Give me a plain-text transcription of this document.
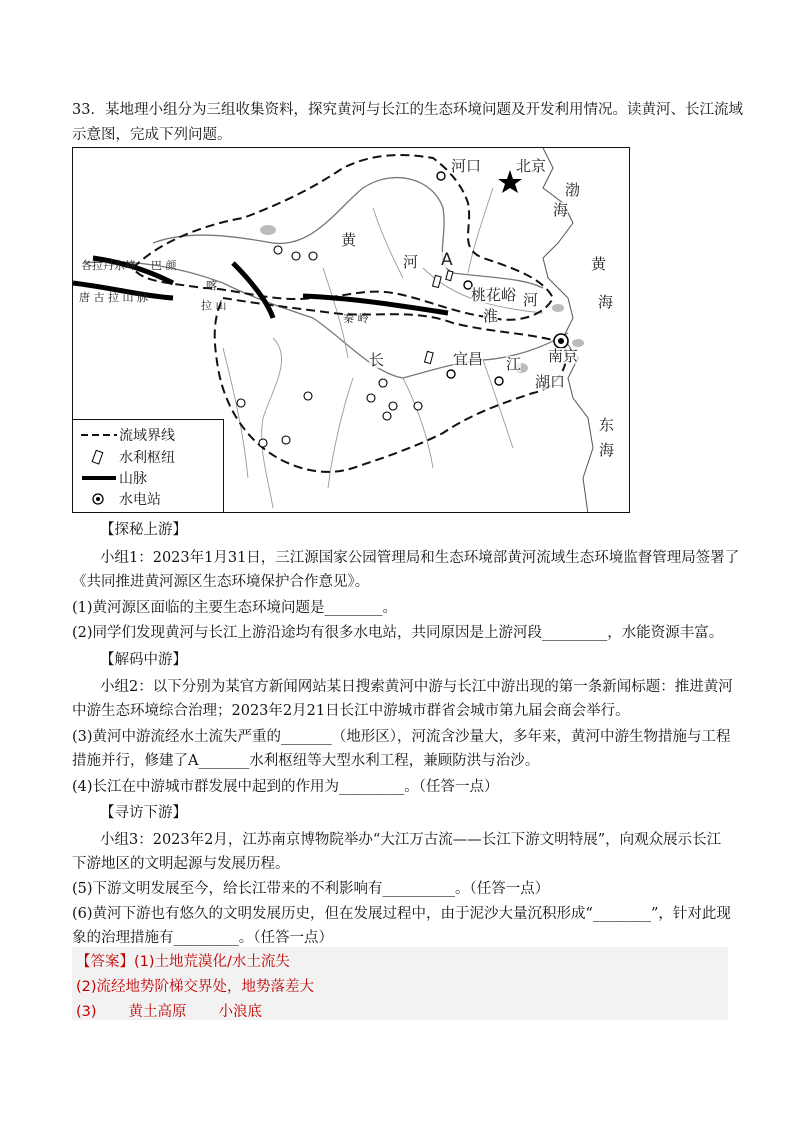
33．某地理小组分为三组收集资料，探究黄河与长江的生态环境问题及开发利用情况。读黄河、长江流域
示意图，完成下列问题。
河口 北京
渤
海
黄
河 A	黄
海
桃花峪 河
淮
南京
长	宜昌 江
湖口
东
海
秦 岭
喀
巴 颜
唐 古 拉 山 脉
各拉丹东峰
拉 山
流域界线
水利枢纽
山脉
水电站
【探秘上游】
小组1：2023年1月31日，三江源国家公园管理局和生态环境部黄河流域生态环境监督管理局签署了
《共同推进黄河源区生态环境保护合作意见》。
(1)黄河源区面临的主要生态环境问题是________。
(2)同学们发现黄河与长江上游沿途均有很多水电站，共同原因是上游河段_________，水能资源丰富。
【解码中游】
小组2：以下分别为某官方新闻网站某日搜索黄河中游与长江中游出现的第一条新闻标题：推进黄河
中游生态环境综合治理；2023年2月21日长江中游城市群省会城市第九届会商会举行。
(3)黄河中游流经水土流失严重的_______（地形区），河流含沙量大，多年来，黄河中游生物措施与工程
措施并行，修建了A_______水利枢纽等大型水利工程，兼顾防洪与治沙。
(4)长江在中游城市群发展中起到的作用为_________。（任答一点）
【寻访下游】
小组3：2023年2月，江苏南京博物院举办“大江万古流——长江下游文明特展”，向观众展示长江
下游地区的文明起源与发展历程。
(5)下游文明发展至今，给长江带来的不利影响有__________。（任答一点）
(6)黄河下游也有悠久的文明发展历史，但在发展过程中，由于泥沙大量沉积形成“________”，针对此现
象的治理措施有_________。（任答一点）
【答案】(1)土地荒漠化/水土流失
(2)流经地势阶梯交界处，地势落差大
(3) 黄土高原 小浪底
